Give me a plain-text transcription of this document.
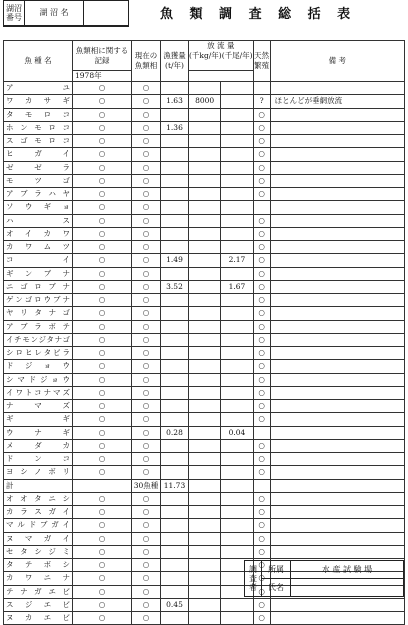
湖沼
番号	湖 沼 名	
			魚 類 調 査 総 括 表
魚 種 名	魚類相に関する記録	現在の魚類相	漁獲量(t/年)	放 流 量
(千kg/年) (千尾/年)		天然繁殖	備 考
	1978年						
ア ユ	○	○					
ワカサギ	○	○	1.63	8000		?	ほとんどが垂網放流
タモロコ	○	○				○	
ホンモロコ	○	○	1.36			○	
スゴモロコ	○	○				○	
ヒガイ	○	○				○	
ゼゼラ	○	○				○	
モツゴ	○	○				○	
アブラハヤ	○	○				○	
ソウギョ	○	○					
ハ ス	○	○				○	
オイカワ	○	○				○	
カワムツ	○	○				○	
コ イ	○	○	1.49		2.17	○	
ギンブナ	○	○				○	
ニゴロブナ	○	○	3.52		1.67	○	
ゲンゴロウブナ	○	○				○	
ヤリタナゴ	○	○				○	
アブラボテ	○	○				○	
イチモンジタナゴ	○	○				○	
シロヒレタビラ	○	○				○	
ドジョウ	○	○				○	
シマドジョウ	○	○				○	
イワトコナマズ	○	○				○	
ナマズ	○	○				○	
ギ ギ	○	○				○	
ウナギ	○	○	0.28		0.04		
メダカ	○	○				○	
ドンコ	○	○				○	
ヨシノボリ	○	○				○	
計		30魚種	11.73				
オオタニシ	○	○				○	
カラスガイ	○	○				○	
マルドブガイ	○	○				○	
ヌマガイ	○	○				○	
セタシジミ	○	○				○	
タテボシ	○	○				○	
カワニナ	○	○				○	
テナガエビ	○	○				○	
スジエビ	○	○	0.45			○	
ヌカエビ	○	○				○	
調査者	所属	水 産 試 験 場
	氏名	
